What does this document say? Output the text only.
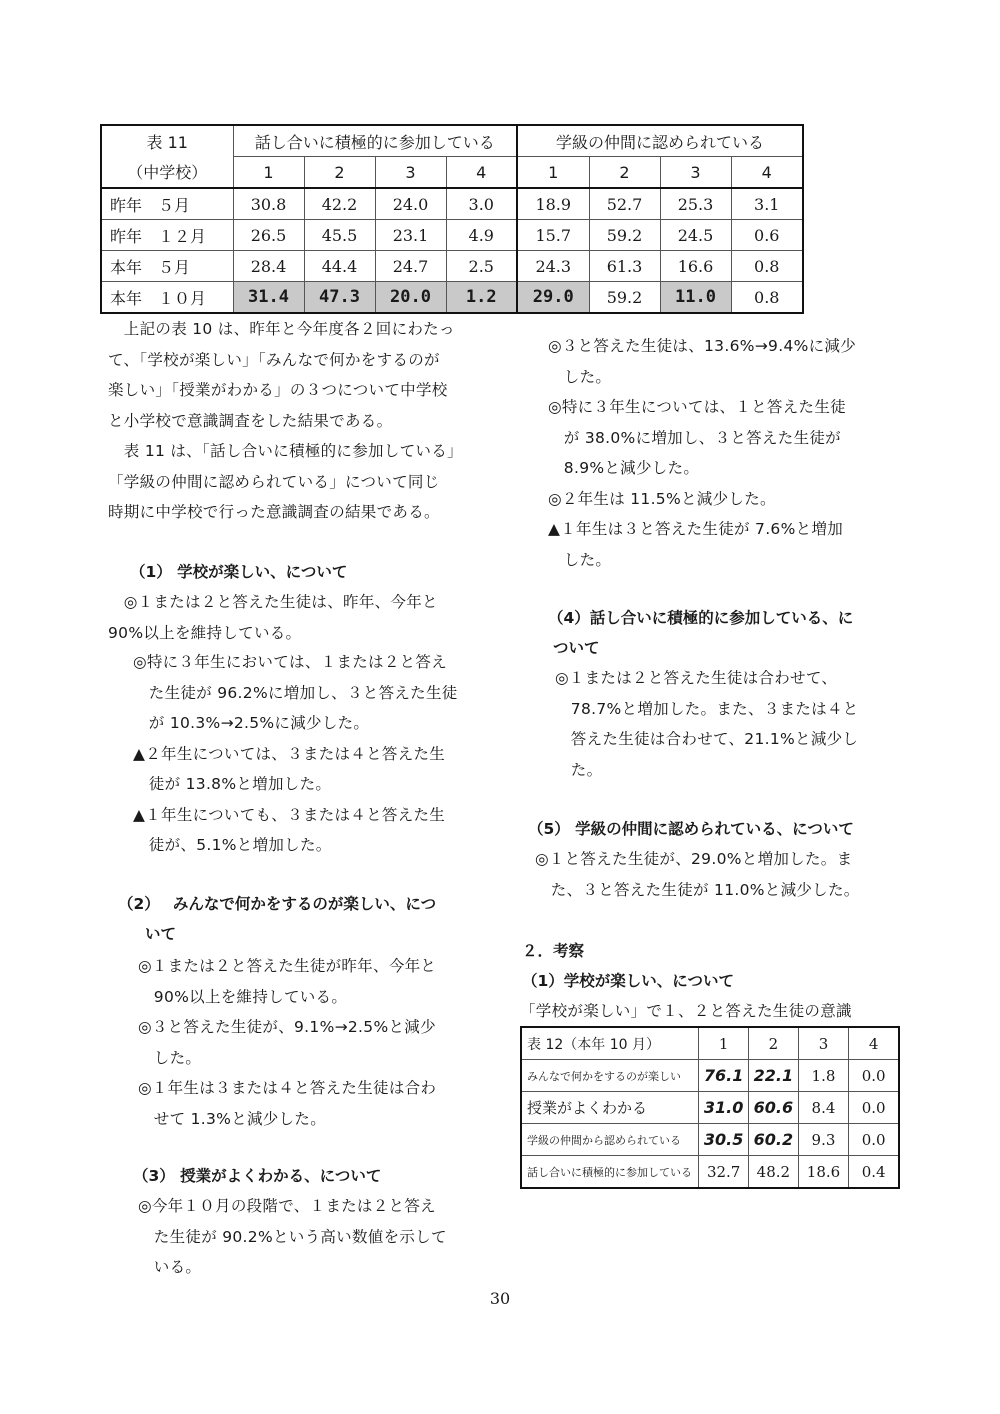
表 11	話し合いに積極的に参加している				学級の仲間に認められている			
（中学校）	1	2	3	4	1	2	3	4
昨年　５月	30.8	42.2	24.0	3.0	18.9	52.7	25.3	3.1
昨年　１２月	26.5	45.5	23.1	4.9	15.7	59.2	24.5	0.6
本年　５月	28.4	44.4	24.7	2.5	24.3	61.3	16.6	0.8
本年　１０月	31.4	47.3	20.0	1.2	29.0	59.2	11.0	0.8
　上記の表 10 は、昨年と今年度各２回にわたっ
て、「学校が楽しい」「みんなで何かをするのが
楽しい」「授業がわかる」の３つについて中学校
と小学校で意識調査をした結果である。
　表 11 は、「話し合いに積極的に参加している」
「学級の仲間に認められている」について同じ
時期に中学校で行った意識調査の結果である。
（1） 学校が楽しい、について
　◎１または２と答えた生徒は、昨年、今年と
90%以上を維持している。
◎特に３年生においては、１または２と答え
　た生徒が 96.2%に増加し、３と答えた生徒
　が 10.3%→2.5%に減少した。
▲２年生については、３または４と答えた生
　徒が 13.8%と増加した。
▲１年生についても、３または４と答えた生
　徒が、5.1%と増加した。
（2）　 みんなで何かをするのが楽しい、につ
いて
◎１または２と答えた生徒が昨年、今年と
　90%以上を維持している。
◎３と答えた生徒が、9.1%→2.5%と減少
　した。
◎１年生は３または４と答えた生徒は合わ
　せて 1.3%と減少した。
（3） 授業がよくわかる、について
◎今年１０月の段階で、１または２と答え
　た生徒が 90.2%という高い数値を示して
　いる。
◎３と答えた生徒は、13.6%→9.4%に減少
　した。
◎特に３年生については、１と答えた生徒
　が 38.0%に増加し、３と答えた生徒が
　8.9%と減少した。
◎２年生は 11.5%と減少した。
▲１年生は３と答えた生徒が 7.6%と増加
　した。
（4）話し合いに積極的に参加している、に
ついて
◎１または２と答えた生徒は合わせて、
　78.7%と増加した。また、３または４と
　答えた生徒は合わせて、21.1%と減少し
　た。
（5） 学級の仲間に認められている、について
◎１と答えた生徒が、29.0%と増加した。ま
　た、３と答えた生徒が 11.0%と減少した。
２．考察
（1）学校が楽しい、について
「学校が楽しい」で１、２と答えた生徒の意識
表 12（本年 10 月）	1	2	3	4
みんなで何かをするのが楽しい	76.1	22.1	1.8	0.0
授業がよくわかる	31.0	60.6	8.4	0.0
学級の仲間から認められている	30.5	60.2	9.3	0.0
話し合いに積極的に参加している	32.7	48.2	18.6	0.4
30
